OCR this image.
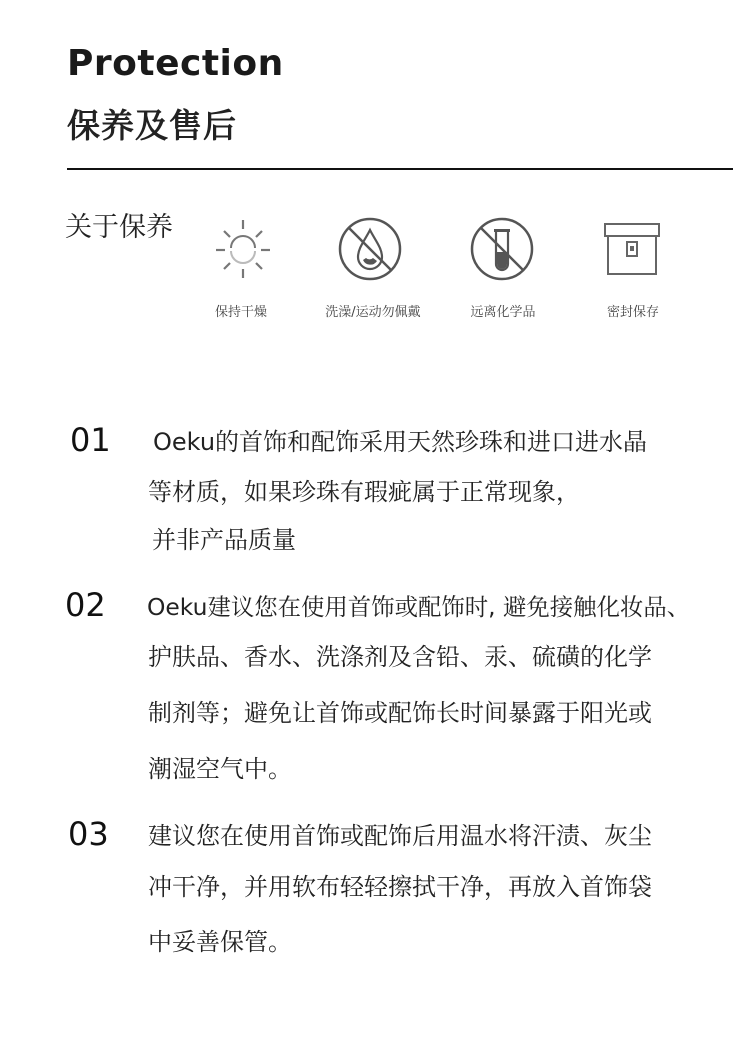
Protection
保养及售后
关于保养
保持干燥	洗澡/运动勿佩戴	远离化学品	密封保存
01 Oeku的首饰和配饰采用天然珍珠和进口进水晶
等材质，如果珍珠有瑕疵属于正常现象，
并非产品质量
02 Oeku建议您在使用首饰或配饰时, 避免接触化妆品、
护肤品、香水、洗涤剂及含铅、汞、硫磺的化学
制剂等；避免让首饰或配饰长时间暴露于阳光或
潮湿空气中。
03 建议您在使用首饰或配饰后用温水将汗渍、灰尘
冲干净，并用软布轻轻擦拭干净，再放入首饰袋
中妥善保管。
